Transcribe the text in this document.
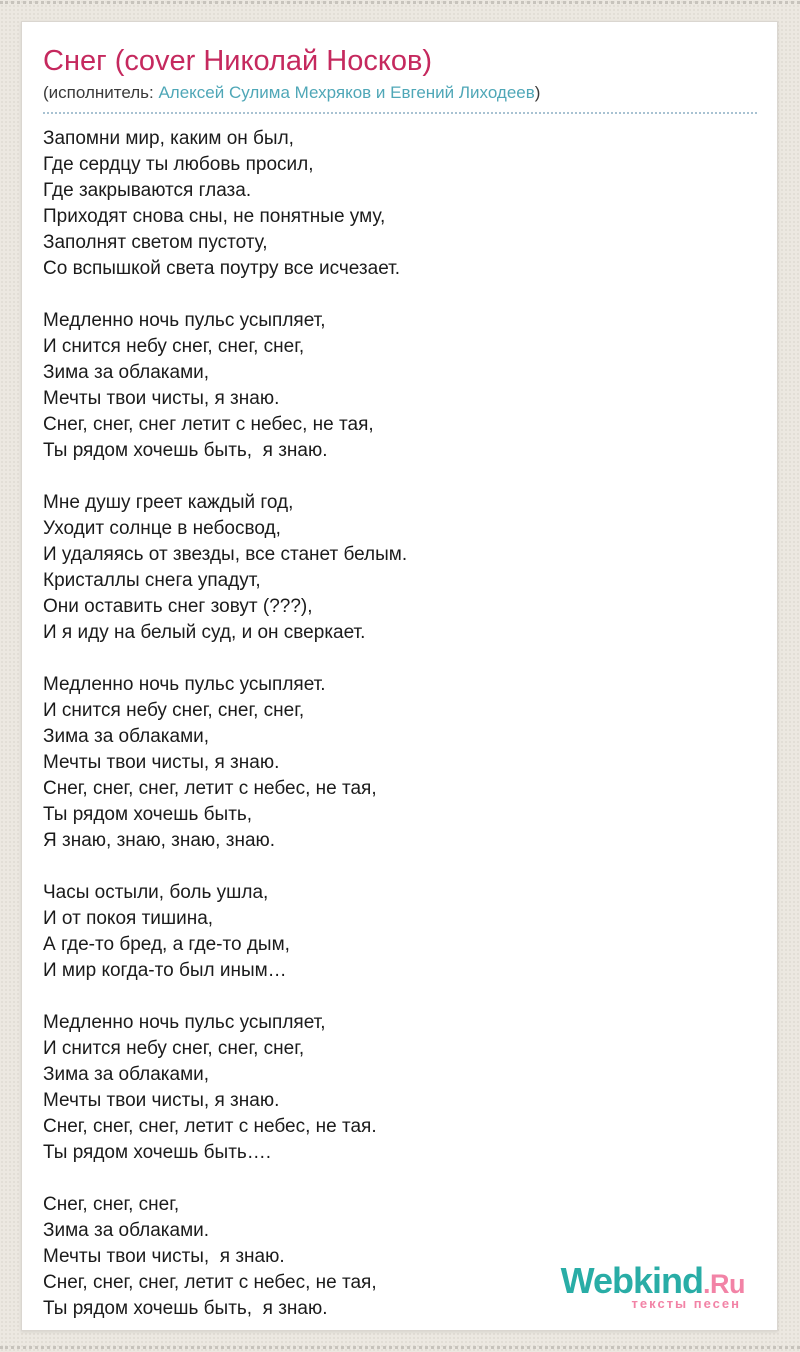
Снег (cover Николай Носков)
(исполнитель: Алексей Сулима Мехряков и Евгений Лиходеев)

Запомни мир, каким он был,
Где сердцу ты любовь просил,
Где закрываются глаза.
Приходят снова сны, не понятные уму,
Заполнят светом пустоту,
Со вспышкой света поутру все исчезает.

Медленно ночь пульс усыпляет,
И снится небу снег, снег, снег,
Зима за облаками,
Мечты твои чисты, я знаю.
Снег, снег, снег летит с небес, не тая,
Ты рядом хочешь быть,  я знаю.

Мне душу греет каждый год,
Уходит солнце в небосвод,
И удаляясь от звезды, все станет белым.
Кристаллы снега упадут,
Они оставить снег зовут (???),
И я иду на белый суд, и он сверкает.

Медленно ночь пульс усыпляет.
И снится небу снег, снег, снег,
Зима за облаками,
Мечты твои чисты, я знаю.
Снег, снег, снег, летит с небес, не тая,
Ты рядом хочешь быть,
Я знаю, знаю, знаю, знаю.

Часы остыли, боль ушла,
И от покоя тишина,
А где-то бред, а где-то дым,
И мир когда-то был иным…

Медленно ночь пульс усыпляет,
И снится небу снег, снег, снег,
Зима за облаками,
Мечты твои чисты, я знаю.
Снег, снег, снег, летит с небес, не тая.
Ты рядом хочешь быть….

Снег, снег, снег,
Зима за облаками.
Мечты твои чисты,  я знаю.
Снег, снег, снег, летит с небес, не тая,
Ты рядом хочешь быть,  я знаю.

Webkind.Ru
тексты песен
